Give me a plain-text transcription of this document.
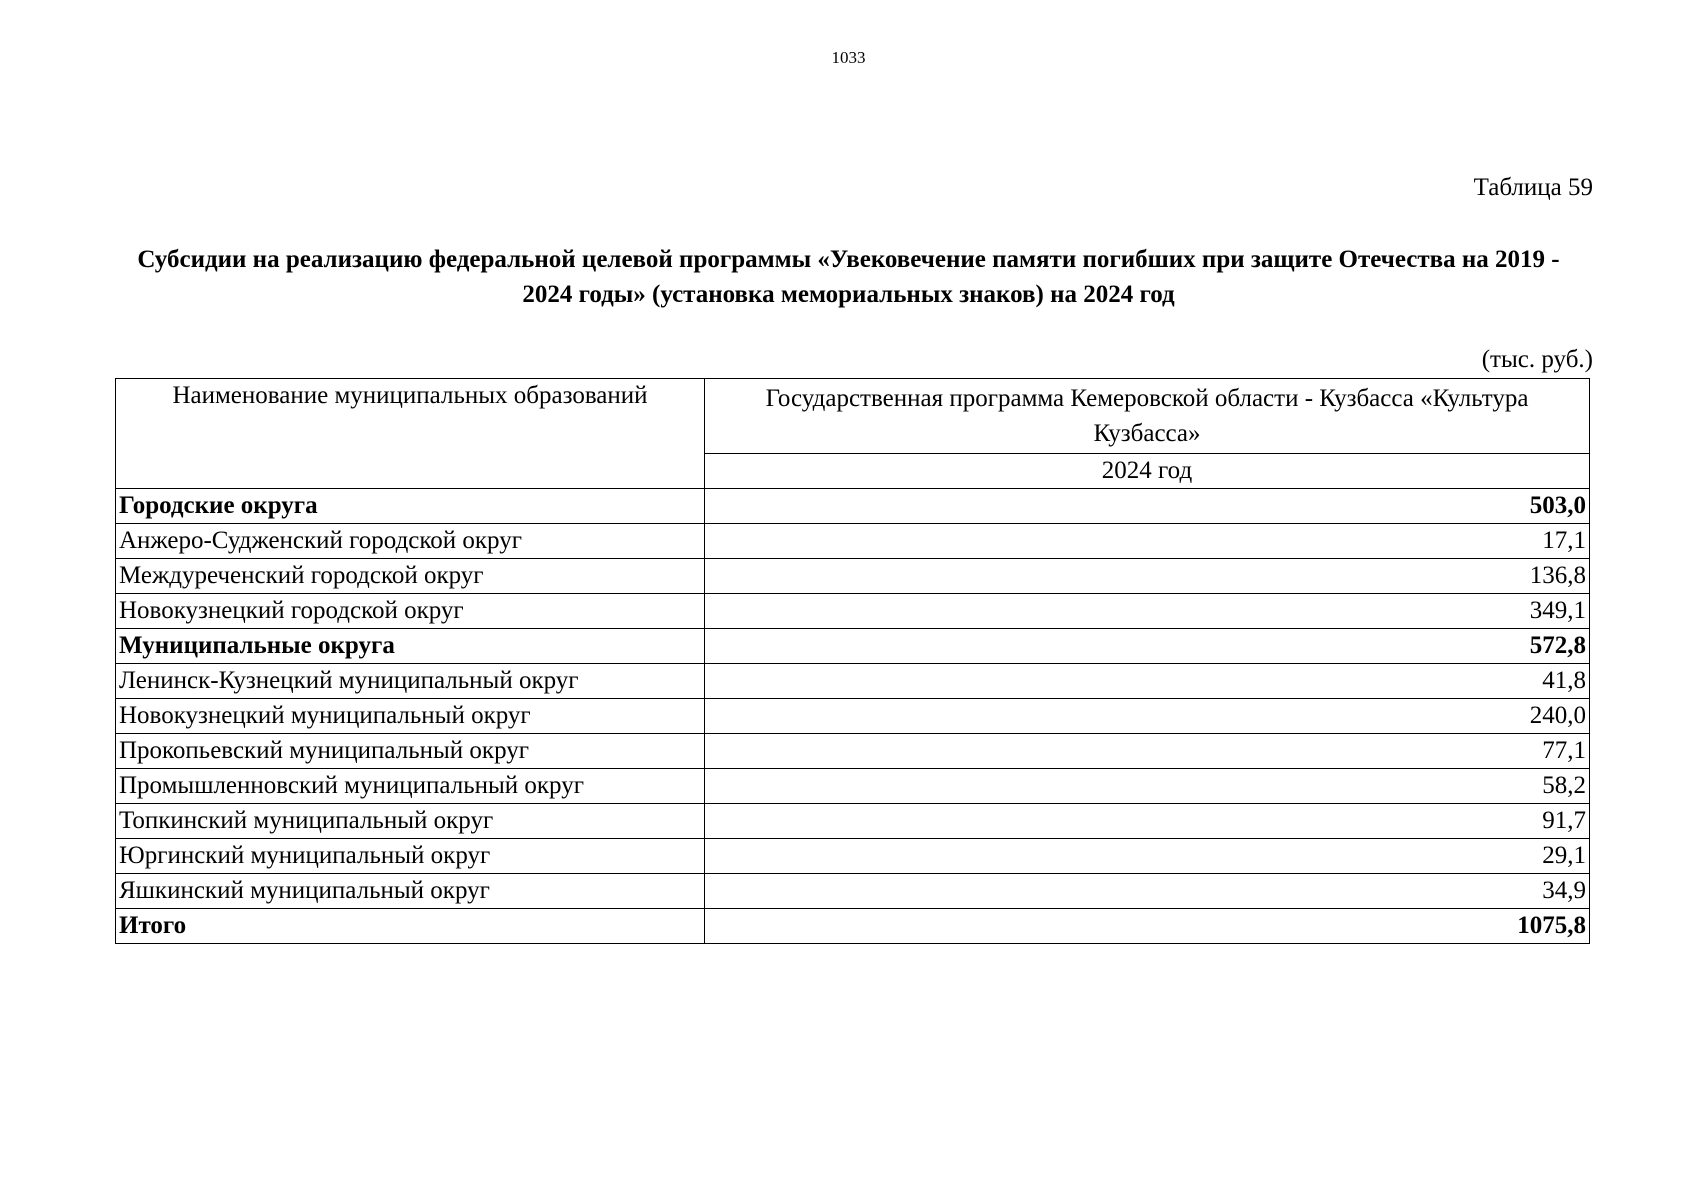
1033
Таблица 59
Субсидии на реализацию федеральной целевой программы «Увековечение памяти погибших при защите Отечества на 2019 - 2024 годы» (установка мемориальных знаков) на 2024 год
(тыс. руб.)
Наименование муниципальных образований	Государственная программа Кемеровской области - Кузбасса «Культура Кузбасса»
	2024 год
Городские округа	503,0
Анжеро-Судженский городской округ	17,1
Междуреченский городской округ	136,8
Новокузнецкий городской округ	349,1
Муниципальные округа	572,8
Ленинск-Кузнецкий муниципальный округ	41,8
Новокузнецкий муниципальный округ	240,0
Прокопьевский муниципальный округ	77,1
Промышленновский муниципальный округ	58,2
Топкинский муниципальный округ	91,7
Юргинский муниципальный округ	29,1
Яшкинский муниципальный округ	34,9
Итого	1075,8
